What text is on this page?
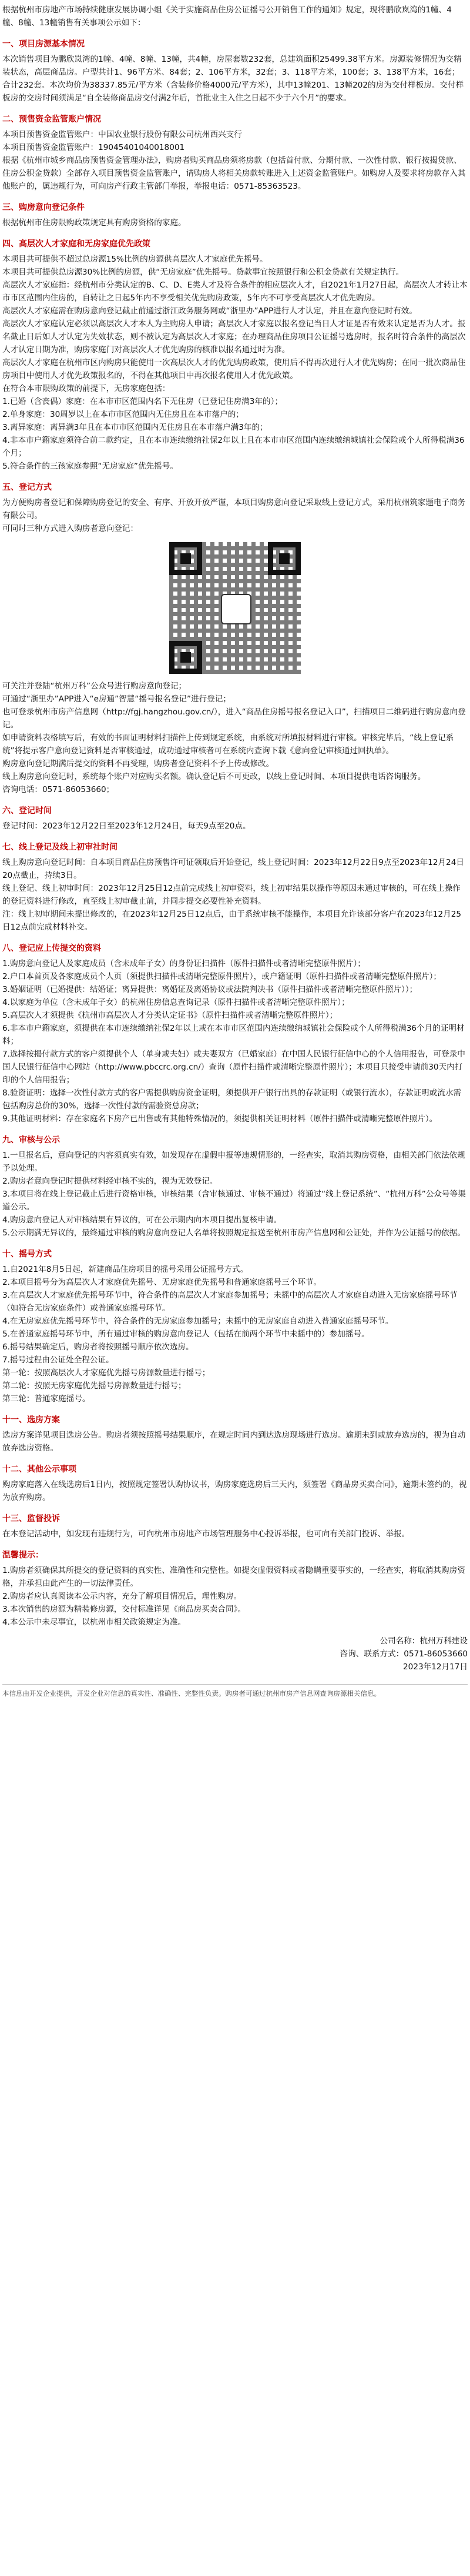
根据杭州市房地产市场持续健康发展协调小组《关于实施商品住房公证摇号公开销售工作的通知》规定，现将鹏欣岚湾的1幢、4幢、8幢、13幢销售有关事项公示如下：

一、项目房源基本情况

本次销售项目为鹏欣岚湾的1幢、4幢、8幢、13幢，共4幢，房屋套数232套，总建筑面积25499.38平方米。房源装修情况为交精装状态，高层商品房。户型共计1、96平方米、84套；2、106平方米，32套；3、118平方米，100套；3、138平方米，16套；合计232套。本次均价为38337.85元/平方米（含装修价格4000元/平方米），其中13幢201、13幢202的房为交付样板房。交付样板房的交房时间须满足“自全装修商品房交付满2年后，首批业主入住之日起不少于六个月”的要求。

二、预售资金监管账户情况

本项目预售资金监管账户：中国农业银行股份有限公司杭州西兴支行

本项目预售资金监管账户：19045401040018001

根据《杭州市城乡商品房预售资金管理办法》，购房者购买商品房须将房款（包括首付款、分期付款、一次性付款、银行按揭贷款、住房公积金贷款）全部存入项目预售资金监管账户，请购房人将相关房款转账进入上述资金监管账户。如购房人及要求将房款存入其他账户的，属违规行为，可向房产行政主管部门举报，举报电话：0571-85363523。

三、购房意向登记条件

根据杭州市住房限购政策规定具有购房资格的家庭。

四、高层次人才家庭和无房家庭优先政策

本项目共可提供不超过总房源15%比例的房源供高层次人才家庭优先摇号。

本项目共可提供总房源30%比例的房源，供“无房家庭”优先摇号。贷款事宜按照银行和公积金贷款有关规定执行。

高层次人才家庭指：经杭州市分类认定的B、C、D、E类人才及符合条件的相应层次人才，自2021年1月27日起，高层次人才转让本市市区范围内住房的，自转让之日起5年内不享受相关优先购房政策，5年内不可享受高层次人才优先购房。

高层次人才家庭需在购房意向登记截止前通过浙江政务服务网或“浙里办”APP进行人才认定，并且在意向登记时有效。

高层次人才家庭认定必须以高层次人才本人为主购房人申请；高层次人才家庭以报名登记当日人才证是否有效来认定是否为人才。报名截止日后如人才认定为失效状态，则不被认定为高层次人才家庭；在办理商品住房项目公证摇号选房时，报名时符合条件的高层次人才认定日期为准，购房家庭门对高层次人才优先购房的核准以报名通过时为准。

高层次人才家庭在杭州市区内购房只能使用一次高层次人才的优先购房政策，使用后不得再次进行人才优先购房；在同一批次商品住房项目中使用人才优先政策报名的，不得在其他项目中再次报名使用人才优先政策。

在符合本市限购政策的前提下，无房家庭包括：

1.已婚（含丧偶）家庭：在本市市区范围内名下无住房（已登记住房满3年的）；

2.单身家庭：30周岁以上在本市市区范围内无住房且在本市落户的；

3.离异家庭：离异满3年且在本市市区范围内无住房且在本市落户满3年的；

4.非本市户籍家庭须符合前二款约定，且在本市连续缴纳社保2年以上且在本市市区范围内连续缴纳城镇社会保险或个人所得税满36个月；

5.符合条件的三孩家庭参照“无房家庭”优先摇号。

五、登记方式

为方便购房者登记和保障购房登记的安全、有序、开放开放严谨，本项目购房意向登记采取线上登记方式，采用杭州筑家题电子商务有限公司。

可同时三种方式进入购房者意向登记：

可关注并登陆“杭州万科”公众号进行购房意向登记；

可通过“浙里办”APP进入“e房通”智慧“摇号报名登记”进行登记；

也可登录杭州市房产信息网（http://fgj.hangzhou.gov.cn/），进入“商品住房摇号报名登记入口”，扫描项目二维码进行购房意向登记。

如申请资料表格填写后，有效的书面证明材料扫描件上传到规定系统，由系统对所填报材料进行审核。审核完毕后，“线上登记系统”将提示客户意向登记资料是否审核通过，成功通过审核者可在系统内查询下载《意向登记审核通过回执单》。

购房意向登记期满后提交的资料不再受理，购房者登记资料不予上传或修改。

线上购房意向登记时，系统每个账户对应购买名额。确认登记后不可更改，以线上登记时间、本项目提供电话咨询服务。

咨询电话：0571-86053660；

六、登记时间

登记时间：2023年12月22日至2023年12月24日，每天9点至20点。

七、线上登记及线上初审社时间

线上购房意向登记时间：自本项目商品住房预售许可证领取后开始登记，线上登记时间：2023年12月22日9点至2023年12月24日20点截止，持续3日。

线上登记、线上初审时间：2023年12月25日12点前完成线上初审资料，线上初审结果以操作等原因未通过审核的，可在线上操作的登记资料进行修改，直至线上初审截止前，并同步提交必要性补充资料。

注：线上初审期间未提出修改的，在2023年12月25日12点后，由于系统审核不能操作，本项目允许该部分客户在2023年12月25日12点前完成材料补交。

八、登记应上传提交的资料

1.购房意向登记人及家庭成员（含未成年子女）的身份证扫描件（原件扫描件或者清晰完整原件照片）；

2.户口本首页及各家庭成员个人页（须提供扫描件或清晰完整原件照片），或户籍证明（原件扫描件或者清晰完整原件照片）；

3.婚姻证明（已婚提供：结婚证；离异提供：离婚证及离婚协议或法院判决书（原件扫描件或者清晰完整原件照片））；

4.以家庭为单位（含未成年子女）的杭州住房信息查询记录（原件扫描件或者清晰完整原件照片）；

5.高层次人才须提供《杭州市高层次人才分类认定证书》（原件扫描件或者清晰完整原件照片）；

6.非本市户籍家庭，须提供在本市连续缴纳社保2年以上或在本市市区范围内连续缴纳城镇社会保险或个人所得税满36个月的证明材料；

7.选择按揭付款方式的客户须提供个人（单身或夫妇）或夫妻双方（已婚家庭）在中国人民银行征信中心的个人信用报告，可登录中国人民银行征信中心网站（http://www.pbccrc.org.cn/）查询（原件扫描件或清晰完整原件照片）；本项目只接受申请前30天内打印的个人信用报告；

8.验资证明：选择一次性付款方式的客户需提供购房资金证明，须提供开户银行出具的存款证明（或银行流水），存款证明或流水需包括购房总价的30%，选择一次性付款的需验资总房款；

9.其他证明材料：存在家庭名下房产已出售或有其他特殊情况的，须提供相关证明材料（原件扫描件或清晰完整原件照片）。

九、审核与公示

1.一旦报名后，意向登记的内容须真实有效，如发现存在虚假申报等违规情形的，一经查实，取消其购房资格，由相关部门依法依规予以处理。

2.购房者意向登记时提供材料经审核不实的，视为无效登记。

3.本项目将在线上登记截止后进行资格审核，审核结果（含审核通过、审核不通过）将通过“线上登记系统”、“杭州万科”公众号等渠道公示。

4.购房意向登记人对审核结果有异议的，可在公示期内向本项目提出复核申请。

5.公示期满无异议的，最终通过审核的购房意向登记人名单将按照规定报送至杭州市房产信息网和公证处，并作为公证摇号的依据。

十、摇号方式

1.自2021年8月5日起，新建商品住房项目的摇号采用公证摇号方式。

2.本项目摇号分为高层次人才家庭优先摇号、无房家庭优先摇号和普通家庭摇号三个环节。

3.在高层次人才家庭优先摇号环节中，符合条件的高层次人才家庭参加摇号；未摇中的高层次人才家庭自动进入无房家庭摇号环节（如符合无房家庭条件）或普通家庭摇号环节。

4.在无房家庭优先摇号环节中，符合条件的无房家庭参加摇号；未摇中的无房家庭自动进入普通家庭摇号环节。

5.在普通家庭摇号环节中，所有通过审核的购房意向登记人（包括在前两个环节中未摇中的）参加摇号。

6.摇号结果确定后，购房者将按照摇号顺序依次选房。

7.摇号过程由公证处全程公证。

第一轮：按照高层次人才家庭优先摇号房源数量进行摇号；

第二轮：按照无房家庭优先摇号房源数量进行摇号；

第三轮：普通家庭摇号。

十一、选房方案

选房方案详见项目选房公告。购房者须按照摇号结果顺序，在规定时间内到达选房现场进行选房。逾期未到或放弃选房的，视为自动放弃选房资格。

十二、其他公示事项

购房家庭落入在线选房后1日内，按照规定签署认购协议书，购房家庭选房后三天内，须签署《商品房买卖合同》，逾期未签约的，视为放弃购房。

十三、监督投诉

在本登记活动中，如发现有违规行为，可向杭州市房地产市场管理服务中心投诉举报，也可向有关部门投诉、举报。

温馨提示：

1.购房者须确保其所提交的登记资料的真实性、准确性和完整性。如提交虚假资料或者隐瞒重要事实的，一经查实，将取消其购房资格，并承担由此产生的一切法律责任。

2.购房者应认真阅读本公示内容，充分了解项目情况后，理性购房。

3.本次销售的房源为精装修房源，交付标准详见《商品房买卖合同》。

4.本公示中未尽事宜，以杭州市相关政策规定为准。

公司名称：杭州万科建设

咨询、联系方式：0571-86053660

2023年12月17日

本信息由开发企业提供，开发企业对信息的真实性、准确性、完整性负责。购房者可通过杭州市房产信息网查询房源相关信息。
